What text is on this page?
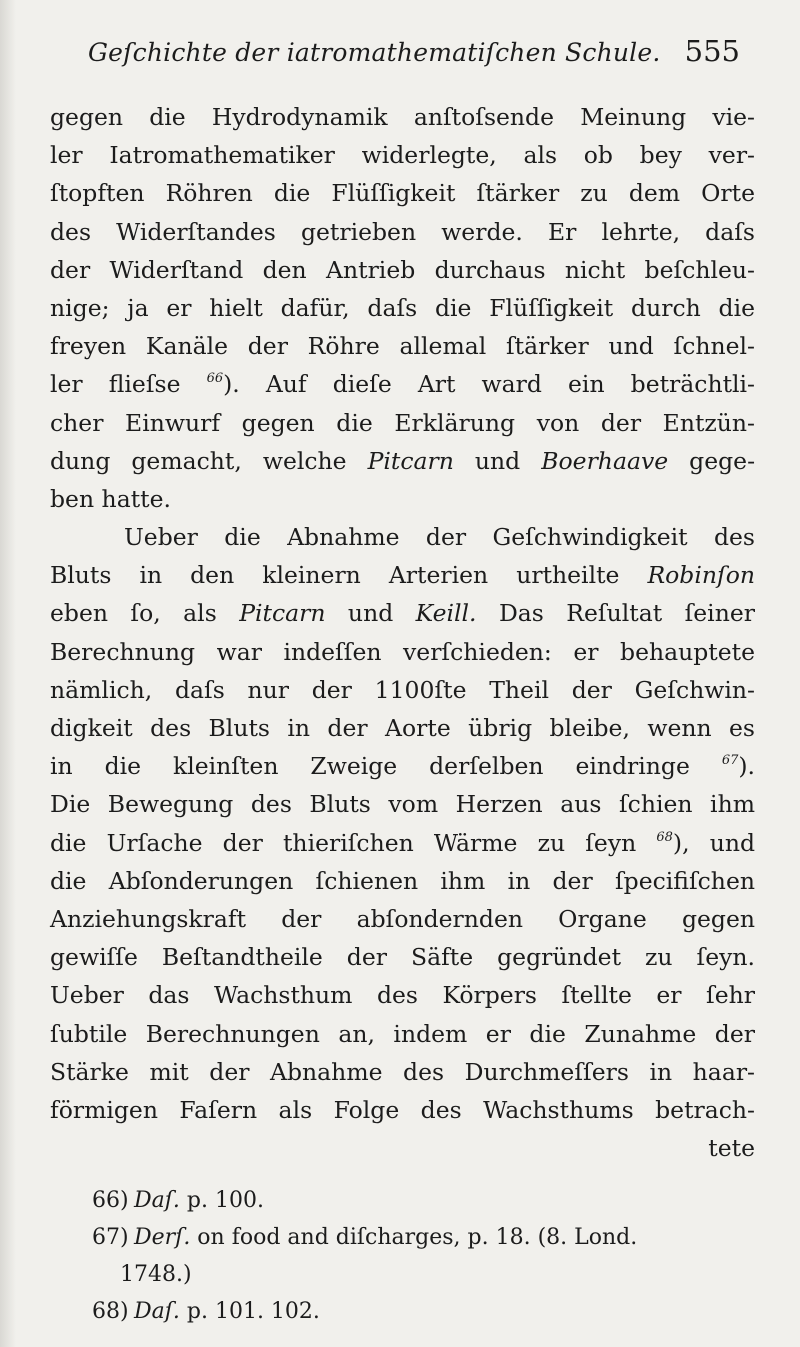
Geſchichte der iatromathematiſchen Schule. 555
gegen die Hydrodynamik anſtoſsende Meinung vie-
ler Iatromathematiker widerlegte, als ob bey ver-
ſtopften Röhren die Flüſſigkeit ſtärker zu dem Orte
des Widerſtandes getrieben werde. Er lehrte, daſs
der Widerſtand den Antrieb durchaus nicht beſchleu-
nige; ja er hielt dafür, daſs die Flüſſigkeit durch die
freyen Kanäle der Röhre allemal ſtärker und ſchnel-
ler flieſse $^{66}$). Auf dieſe Art ward ein beträchtli-
cher Einwurf gegen die Erklärung von der Entzün-
dung gemacht, welche Pitcarn und Boerhaave gege-
ben hatte.
Ueber die Abnahme der Geſchwindigkeit des
Bluts in den kleinern Arterien urtheilte Robinſon
eben ſo, als Pitcarn und Keill. Das Reſultat ſeiner
Berechnung war indeſſen verſchieden: er behauptete
nämlich, daſs nur der 1100ſte Theil der Geſchwin-
digkeit des Bluts in der Aorte übrig bleibe, wenn es
in die kleinſten Zweige derſelben eindringe $^{67}$).
Die Bewegung des Bluts vom Herzen aus ſchien ihm
die Urſache der thieriſchen Wärme zu ſeyn $^{68}$), und
die Abſonderungen ſchienen ihm in der ſpecifiſchen
Anziehungskraft der abſondernden Organe gegen
gewiſſe Beſtandtheile der Säfte gegründet zu ſeyn.
Ueber das Wachsthum des Körpers ſtellte er ſehr
ſubtile Berechnungen an, indem er die Zunahme der
Stärke mit der Abnahme des Durchmeſſers in haar-
förmigen Faſern als Folge des Wachsthums betrach-
tete
66) Daſ. p. 100.
67) Derſ. on food and diſcharges, p. 18. (8. Lond.
1748.)
68) Daſ. p. 101. 102.
